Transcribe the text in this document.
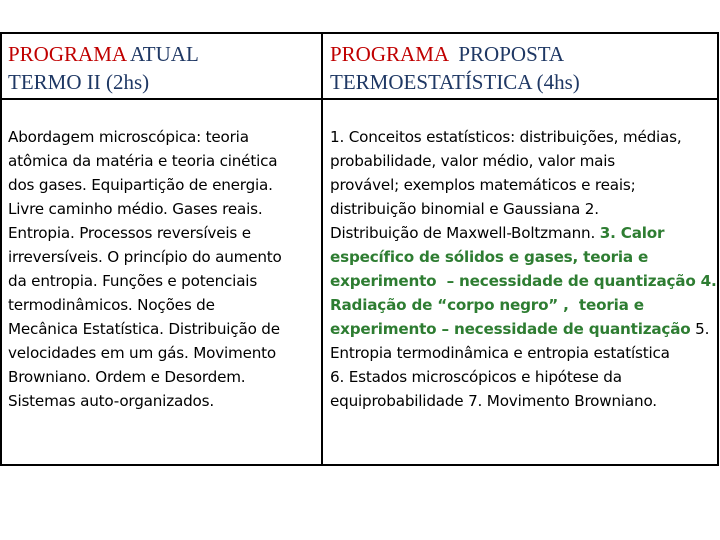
PROGRAMA ATUAL
TERMO II (2hs)
PROGRAMA  PROPOSTA
TERMOESTATÍSTICA (4hs)
Abordagem microscópica: teoria
atômica da matéria e teoria cinética
dos gases. Equipartição de energia.
Livre caminho médio. Gases reais.
Entropia. Processos reversíveis e
irreversíveis. O princípio do aumento
da entropia. Funções e potenciais
termodinâmicos. Noções de
Mecânica Estatística. Distribuição de
velocidades em um gás. Movimento
Browniano. Ordem e Desordem.
Sistemas auto-organizados.
1. Conceitos estatísticos: distribuições, médias,
probabilidade, valor médio, valor mais
provável; exemplos matemáticos e reais;
distribuição binomial e Gaussiana 2.
Distribuição de Maxwell-Boltzmann. 3. Calor
específico de sólidos e gases, teoria e
experimento  – necessidade de quantização 4.
Radiação de “corpo negro” ,  teoria e
experimento – necessidade de quantização 5.
Entropia termodinâmica e entropia estatística
6. Estados microscópicos e hipótese da
equiprobabilidade 7. Movimento Browniano.
